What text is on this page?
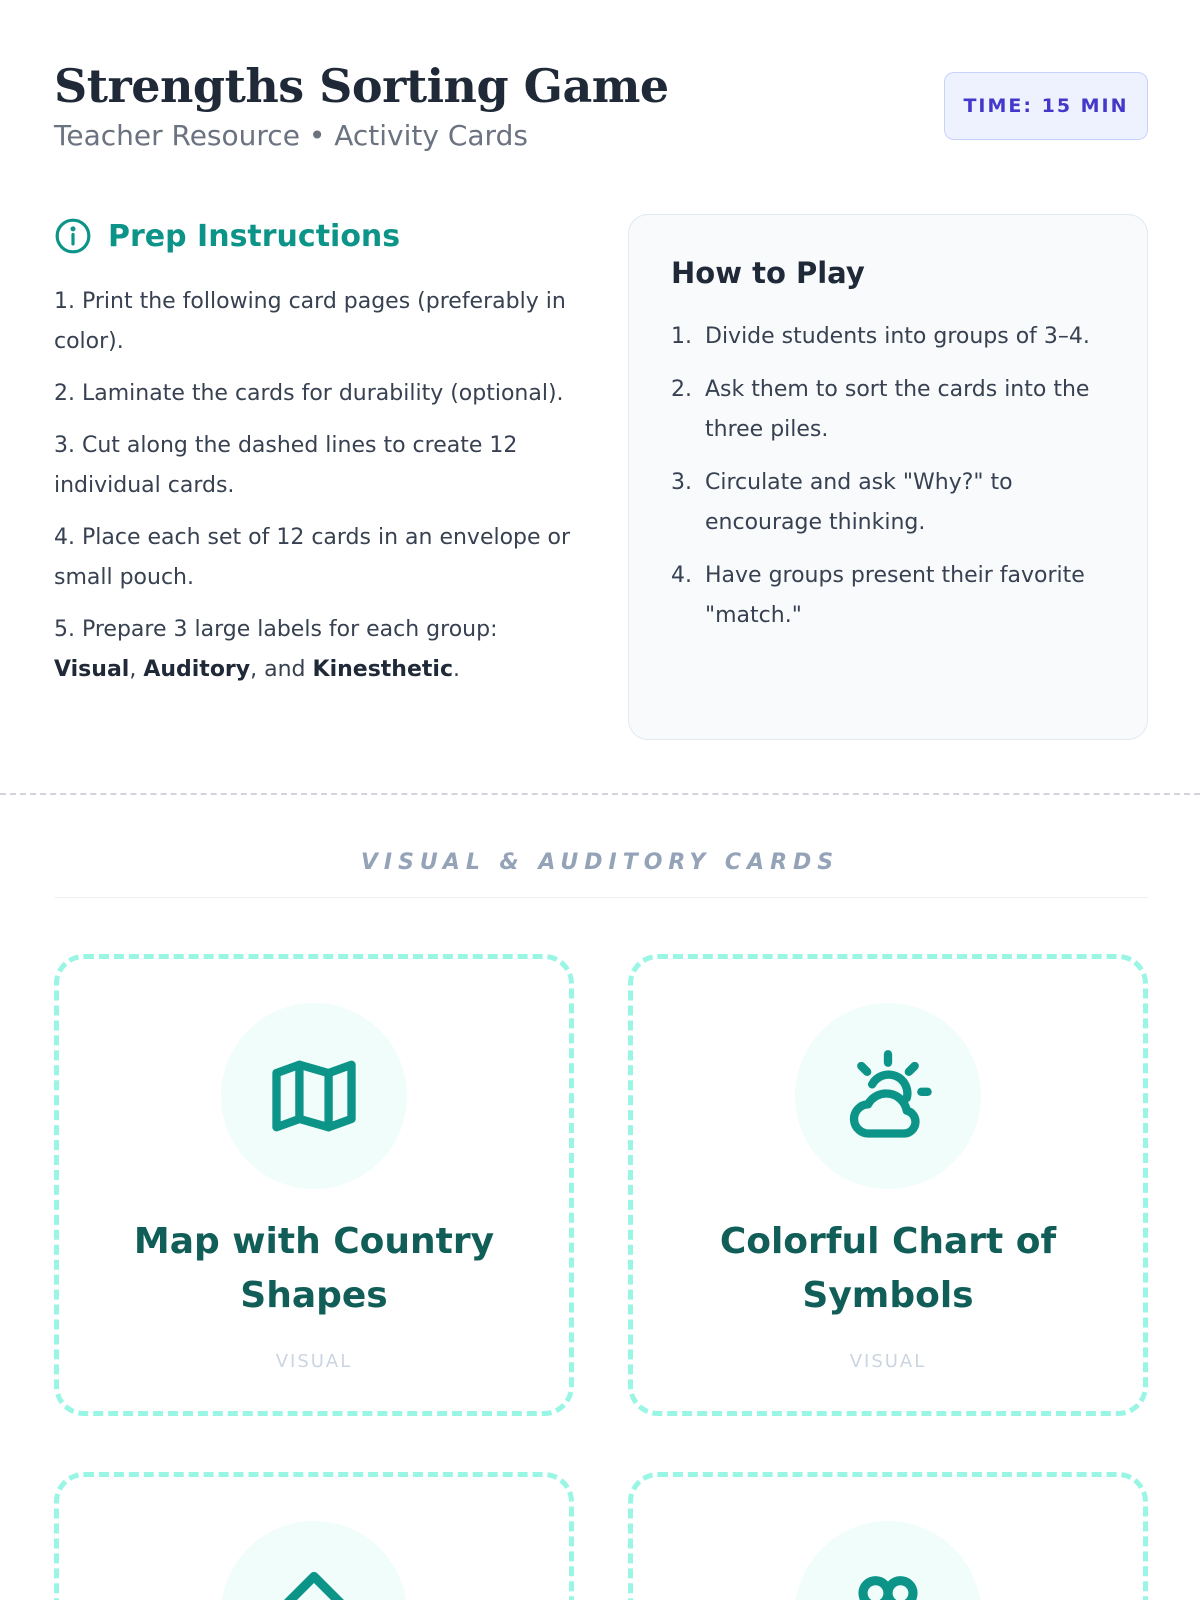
Strengths Sorting Game
Teacher Resource • Activity Cards
TIME: 15 MIN
Prep Instructions
1. Print the following card pages (preferably in color).
2. Laminate the cards for durability (optional).
3. Cut along the dashed lines to create 12 individual cards.
4. Place each set of 12 cards in an envelope or small pouch.
5. Prepare 3 large labels for each group: Visual, Auditory, and Kinesthetic.
How to Play
1. Divide students into groups of 3–4.
2. Ask them to sort the cards into the three piles.
3. Circulate and ask "Why?" to encourage thinking.
4. Have groups present their favorite "match."
VISUAL & AUDITORY CARDS
Map with Country Shapes
VISUAL
Colorful Chart of Symbols
VISUAL
